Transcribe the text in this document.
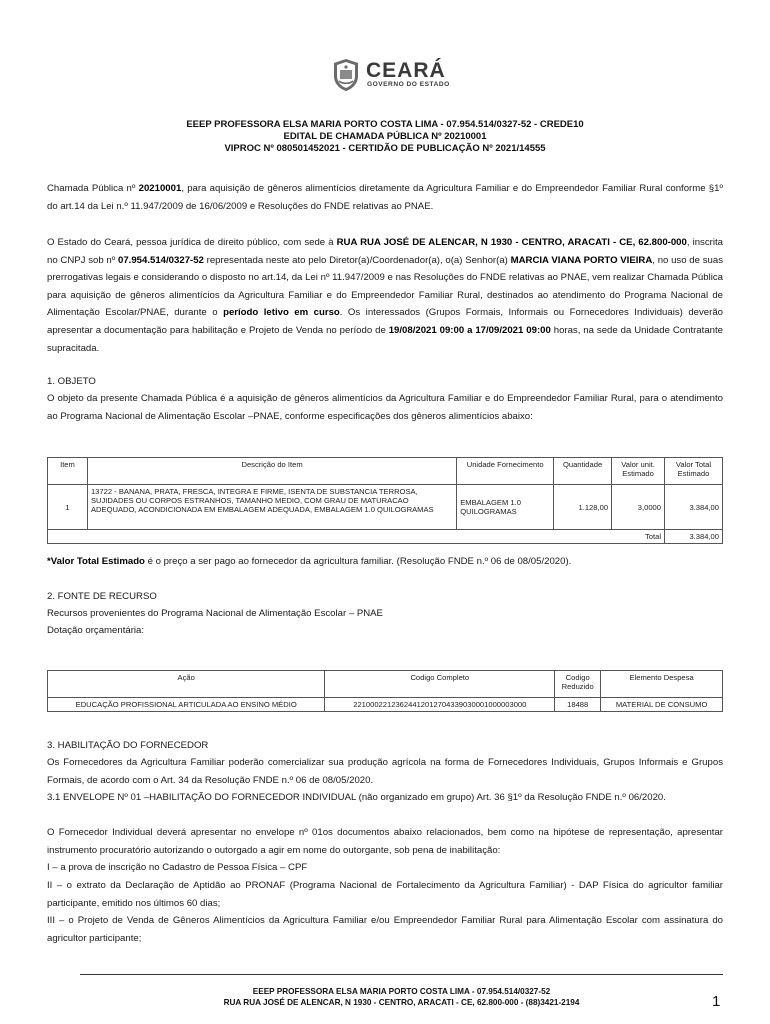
CEARÁ
GOVERNO DO ESTADO
EEEP PROFESSORA ELSA MARIA PORTO COSTA LIMA - 07.954.514/0327-52 - CREDE10
EDITAL DE CHAMADA PÚBLICA Nº 20210001
VIPROC Nº 080501452021 - CERTIDÃO DE PUBLICAÇÃO Nº 2021/14555
Chamada Pública nº 20210001, para aquisição de gêneros alimentícios diretamente da Agricultura Familiar e do Empreendedor Familiar Rural conforme §1º do art.14 da Lei n.º 11.947/2009 de 16/06/2009 e Resoluções do FNDE relativas ao PNAE.
O Estado do Ceará, pessoa jurídica de direito público, com sede à RUA RUA JOSÉ DE ALENCAR, N 1930 - CENTRO, ARACATI - CE, 62.800-000, inscrita no CNPJ sob nº 07.954.514/0327-52 representada neste ato pelo Diretor(a)/Coordenador(a), o(a) Senhor(a) MARCIA VIANA PORTO VIEIRA, no uso de suas prerrogativas legais e considerando o disposto no art.14, da Lei nº 11.947/2009 e nas Resoluções do FNDE relativas ao PNAE, vem realizar Chamada Pública para aquisição de gêneros alimentícios da Agricultura Familiar e do Empreendedor Familiar Rural, destinados ao atendimento do Programa Nacional de Alimentação Escolar/PNAE, durante o período letivo em curso. Os interessados (Grupos Formais, Informais ou Fornecedores Individuais) deverão apresentar a documentação para habilitação e Projeto de Venda no período de 19/08/2021 09:00 a 17/09/2021 09:00 horas, na sede da Unidade Contratante supracitada.
1. OBJETO
O objeto da presente Chamada Pública é a aquisição de gêneros alimentícios da Agricultura Familiar e do Empreendedor Familiar Rural, para o atendimento ao Programa Nacional de Alimentação Escolar –PNAE, conforme especificações dos gêneros alimentícios abaixo:
Item	Descrição do Item	Unidade Fornecimento	Quantidade	Valor unit. Estimado	Valor Total Estimado
1	13722 - BANANA, PRATA, FRESCA, INTEGRA E FIRME, ISENTA DE SUBSTANCIA TERROSA, SUJIDADES OU CORPOS ESTRANHOS, TAMANHO MEDIO, COM GRAU DE MATURACAO ADEQUADO, ACONDICIONADA EM EMBALAGEM ADEQUADA, EMBALAGEM 1.0 QUILOGRAMAS	EMBALAGEM 1.0 QUILOGRAMAS	1.128,00	3,0000	3.384,00
Total					3.384,00
*Valor Total Estimado é o preço a ser pago ao fornecedor da agricultura familiar. (Resolução FNDE n.º 06 de 08/05/2020).
2. FONTE DE RECURSO
Recursos provenientes do Programa Nacional de Alimentação Escolar – PNAE
Dotação orçamentária:
Ação	Codigo Completo	Codigo Reduzido	Elemento Despesa
EDUCAÇÃO PROFISSIONAL ARTICULADA AO ENSINO MÉDIO	22100022123624412012704339030001000003000	18488	MATERIAL DE CONSUMO
3. HABILITAÇÃO DO FORNECEDOR
Os Fornecedores da Agricultura Familiar poderão comercializar sua produção agrícola na forma de Fornecedores Individuais, Grupos Informais e Grupos Formais, de acordo com o Art. 34 da Resolução FNDE n.º 06 de 08/05/2020.
3.1 ENVELOPE Nº 01 –HABILITAÇÃO DO FORNECEDOR INDIVIDUAL (não organizado em grupo) Art. 36 §1º da Resolução FNDE n.º 06/2020.
O Fornecedor Individual deverá apresentar no envelope nº 01os documentos abaixo relacionados, bem como na hipótese de representação, apresentar instrumento procuratório autorizando o outorgado a agir em nome do outorgante, sob pena de inabilitação:
I – a prova de inscrição no Cadastro de Pessoa Física – CPF
II – o extrato da Declaração de Aptidão ao PRONAF (Programa Nacional de Fortalecimento da Agricultura Familiar) - DAP Física do agricultor familiar participante, emitido nos últimos 60 dias;
III – o Projeto de Venda de Gêneros Alimentícios da Agricultura Familiar e/ou Empreendedor Familiar Rural para Alimentação Escolar com assinatura do agricultor participante;
EEEP PROFESSORA ELSA MARIA PORTO COSTA LIMA - 07.954.514/0327-52
RUA RUA JOSÉ DE ALENCAR, N 1930 - CENTRO, ARACATI - CE, 62.800-000 - (88)3421-2194	1
